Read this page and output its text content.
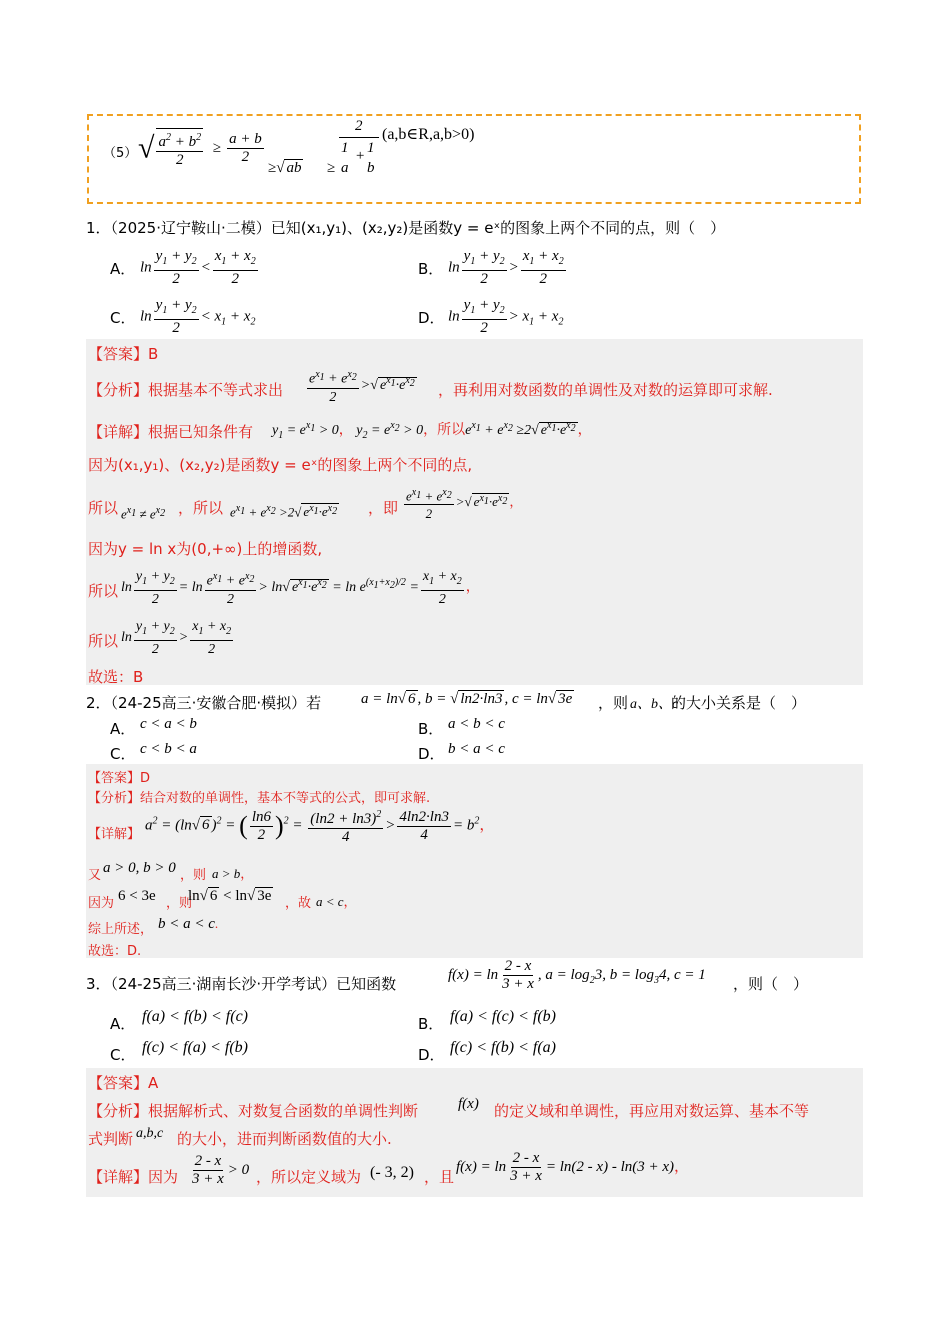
（5） √ $\frac{a^2 + b^2}{2} \ge \frac{a + b}{2}$
≥√ ab
2
≥
1
a
+ 1
b
(a,b∈R,a,b>0)
1．（2025·辽宁鞍山·二模）已知(x₁,y₁)、(x₂,y₂)是函数y = eˣ的图象上两个不同的点，则（　）
A． $\ln \frac{y_1 + y_2}{2} < \frac{x_1 + x_2}{2}$	B． $\ln \frac{y_1 + y_2}{2} > \frac{x_1 + x_2}{2}$
C． $\ln \frac{y_1 + y_2}{2} < x_1 + x_2$	D． $\ln \frac{y_1 + y_2}{2} > x_1 + x_2$
【答案】B
【分析】根据基本不等式求出 $\frac{e^{x_1} + e^{x_2}}{2}$ >√ $e^{x_1}\cdot e^{x_2}$ ，再利用对数函数的单调性及对数的运算即可求解.
【详解】根据已知条件有 $y_1 = e^{x_1} > 0$， $y_2 = e^{x_2} > 0$，所以$e^{x_1} + e^{x_2} \ge 2√$ $e^{x_1}\cdot e^{x_2}$ ，
因为(x₁,y₁)、(x₂,y₂)是函数y = eˣ的图象上两个不同的点,
所以 $e^{x_1} \ne e^{x_2}$ ，所以 $e^{x_1} + e^{x_2} >2√$ $e^{x_1}\cdot e^{x_2}$ ，即 $\frac{e^{x_1} + e^{x_2}}{2}$ >√ $e^{x_1}\cdot e^{x_2}$ ，
因为y = ln x为(0,+∞)上的增函数,
所以 $\ln \frac{y_1 + y_2}{2} = \ln \frac{e^{x_1} + e^{x_2}}{2} > \ln√$ $e^{x_1}\cdot e^{x_2} = \ln e^{(x_1+x_2)/2} = \frac{x_1 + x_2}{2}$ ，
所以 $\ln \frac{y_1 + y_2}{2} > \frac{x_1 + x_2}{2}$
故选：B
2．（24-25高三·安徽合肥·模拟）若	a = ln√ 6 , b = √ ln2·ln3 , c = ln√ 3e ，则 a、b、c
的大小关系是（　）
A． c < a < b	B． a < b < c
C． c < b < a	D． b < a < c
【答案】D
【分析】结合对数的单调性，基本不等式的公式，即可求解.
【详解】
$a^2 = (\ln√$ 6 )$^2$ = ( $\frac{\ln 6}{2} )^2 = \frac{(\ln 2 + \ln 3)^2}{4} > \frac{4\ln 2\cdot\ln 3}{4} = b^2$，
又 a > 0, b > 0 ，则 a > b，
因为 6 < 3e ，则
ln√ 6 < ln√ 3e ，故 a < c，
综上所述， b < a < c.
故选：D.
3．（24-25高三·湖南长沙·开学考试）已知函数
$f(x) = \ln \frac{2 - x}{3 + x}$ , $a = \log_23$, $b = \log_34$, c = 1
，则（　）
A． f(a) < f(b) < f(c)	B． f(a) < f(c) < f(b)
C． f(c) < f(a) < f(b)	D． f(c) < f(b) < f(a)
【答案】A
【分析】根据解析式、对数复合函数的单调性判断	f(x) 的定义域和单调性，再应用对数运算、基本不等
式判断 a,b,c 的大小，进而判断函数值的大小.
【详解】因为 $\frac{2 - x}{3 + x} > 0$ ，所以定义域为 (- 3, 2) ，且
$f(x) = \ln \frac{2 - x}{3 + x} = \ln(2 - x) - \ln(3 + x)$，
